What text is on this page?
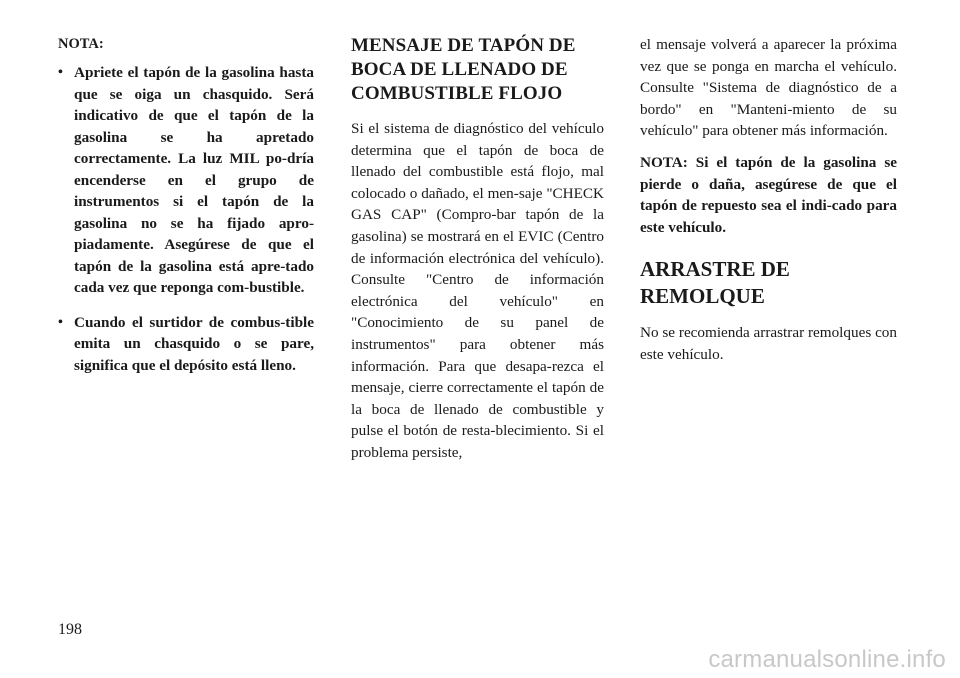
NOTA:
• Apriete el tapón de la gasolina hasta que se oiga un chasquido. Será indicativo de que el tapón de la gasolina se ha apretado correctamente. La luz MIL po-dría encenderse en el grupo de instrumentos si el tapón de la gasolina no se ha fijado apro-piadamente. Asegúrese de que el tapón de la gasolina está apre-tado cada vez que reponga com-bustible.
• Cuando el surtidor de combus-tible emita un chasquido o se pare, significa que el depósito está lleno.
MENSAJE DE TAPÓN DE BOCA DE LLENADO DE COMBUSTIBLE FLOJO

Si el sistema de diagnóstico del vehículo determina que el tapón de boca de llenado del combustible está flojo, mal colocado o dañado, el men-saje "CHECK GAS CAP" (Compro-bar tapón de la gasolina) se mostrará en el EVIC (Centro de información electrónica del vehículo). Consulte "Centro de información electrónica del vehículo" en "Conocimiento de su panel de instrumentos" para obtener más información. Para que desapa-rezca el mensaje, cierre correctamente el tapón de la boca de llenado de combustible y pulse el botón de resta-blecimiento. Si el problema persiste,

el mensaje volverá a aparecer la próxima vez que se ponga en marcha el vehículo. Consulte "Sistema de diagnóstico de a bordo" en "Manteni-miento de su vehículo" para obtener más información.

NOTA: Si el tapón de la gasolina se pierde o daña, asegúrese de que el tapón de repuesto sea el indi-cado para este vehículo.

ARRASTRE DE REMOLQUE

No se recomienda arrastrar remolques con este vehículo.

198
carmanualsonline.info
